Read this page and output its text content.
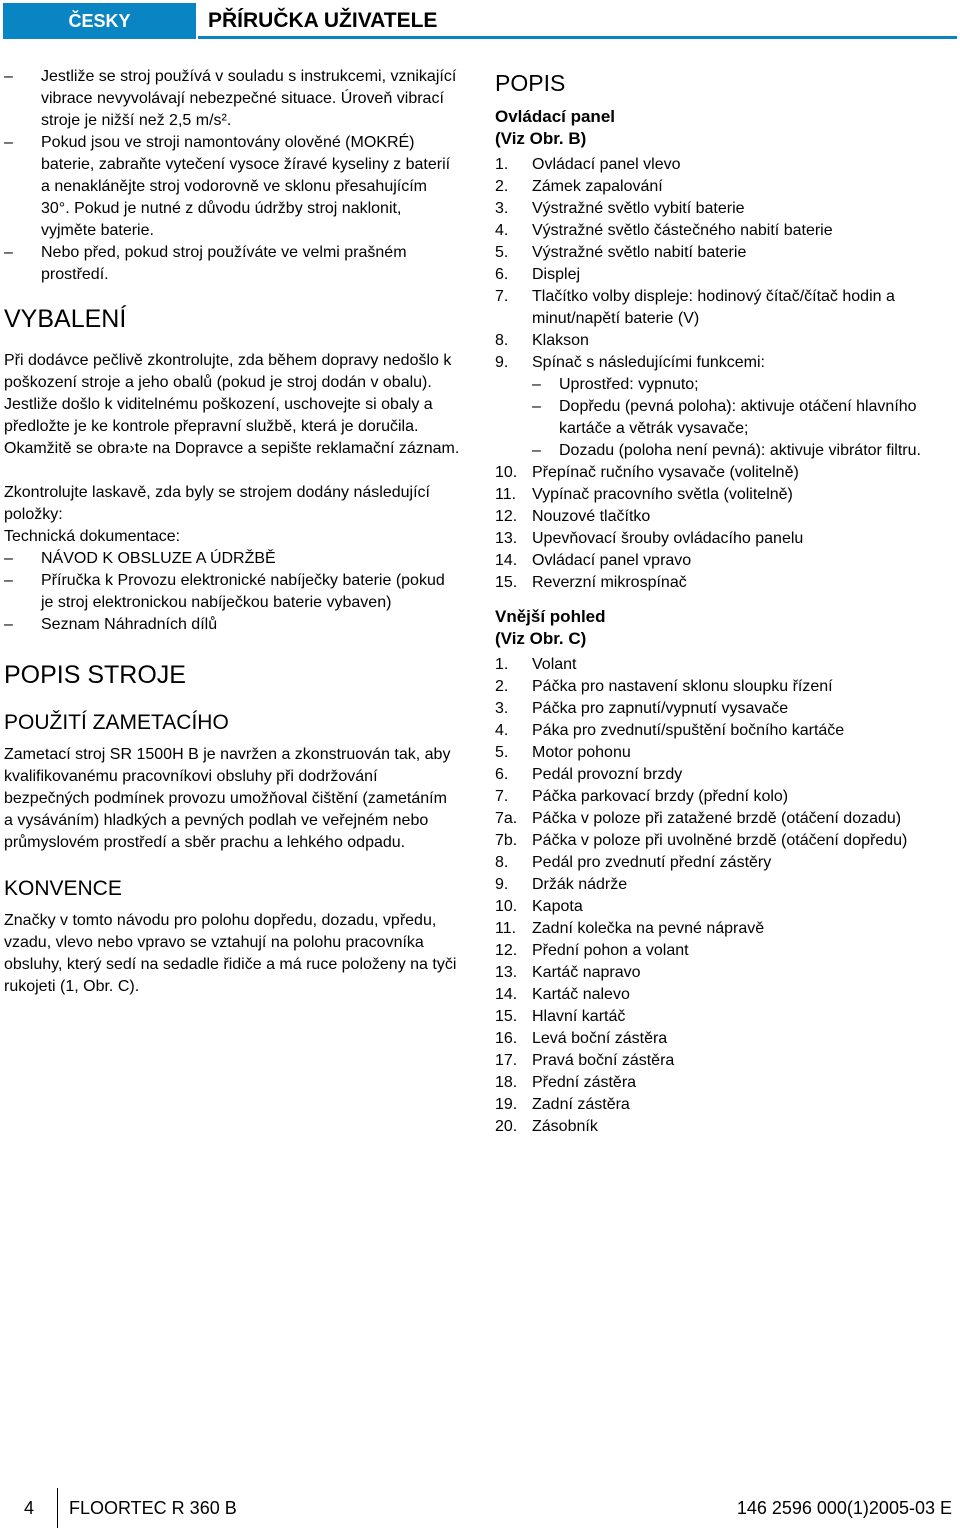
ČESKY	PŘÍRUČKA UŽIVATELE
– Jestliže se stroj používá v souladu s instrukcemi, vznikající vibrace nevyvolávají nebezpečné situace. Úroveň vibrací stroje je nižší než 2,5 m/s².
– Pokud jsou ve stroji namontovány olověné (MOKRÉ) baterie, zabraňte vytečení vysoce žíravé kyseliny z baterií a nenaklánějte stroj vodorovně ve sklonu přesahujícím 30°. Pokud je nutné z důvodu údržby stroj naklonit, vyjměte baterie.
– Nebo před, pokud stroj používáte ve velmi prašném prostředí.
VYBALENÍ

Při dodávce pečlivě zkontrolujte, zda během dopravy nedošlo k poškození stroje a jeho obalů (pokud je stroj dodán v obalu). Jestliže došlo k viditelnému poškození, uschovejte si obaly a předložte je ke kontrole přepravní službě, která je doručila. Okamžitě se obra›te na Dopravce a sepište reklamační záznam.

Zkontrolujte laskavě, zda byly se strojem dodány následující položky:

Technická dokumentace:
– NÁVOD K OBSLUZE A ÚDRŽBĚ
– Příručka k Provozu elektronické nabíječky baterie (pokud je stroj elektronickou nabíječkou baterie vybaven)
– Seznam Náhradních dílů
POPIS STROJE
POUŽITÍ ZAMETACÍHO

Zametací stroj SR 1500H B je navržen a zkonstruován tak, aby kvalifikovanému pracovníkovi obsluhy při dodržování bezpečných podmínek provozu umožňoval čištění (zametáním a vysáváním) hladkých a pevných podlah ve veřejném nebo průmyslovém prostředí a sběr prachu a lehkého odpadu.

KONVENCE

Značky v tomto návodu pro polohu dopředu, dozadu, vpředu, vzadu, vlevo nebo vpravo se vztahují na polohu pracovníka obsluhy, který sedí na sedadle řidiče a má ruce položeny na tyči rukojeti (1, Obr. C).

POPIS
Ovládací panel
(Viz Obr. B)
1. Ovládací panel vlevo
2. Zámek zapalování
3. Výstražné světlo vybití baterie
4. Výstražné světlo částečného nabití baterie
5. Výstražné světlo nabití baterie
6. Displej
7. Tlačítko volby displeje: hodinový čítač/čítač hodin a minut/napětí baterie (V)
8. Klakson
9. Spínač s následujícími funkcemi:
– Uprostřed: vypnuto;
– Dopředu (pevná poloha): aktivuje otáčení hlavního kartáče a větrák vysavače;
– Dozadu (poloha není pevná): aktivuje vibrátor filtru.
10. Přepínač ručního vysavače (volitelně)
11. Vypínač pracovního světla (volitelně)
12. Nouzové tlačítko
13. Upevňovací šrouby ovládacího panelu
14. Ovládací panel vpravo
15. Reverzní mikrospínač
Vnější pohled
(Viz Obr. C)
1. Volant
2. Páčka pro nastavení sklonu sloupku řízení
3. Páčka pro zapnutí/vypnutí vysavače
4. Páka pro zvednutí/spuštění bočního kartáče
5. Motor pohonu
6. Pedál provozní brzdy
7. Páčka parkovací brzdy (přední kolo)
7a. Páčka v poloze při zatažené brzdě (otáčení dozadu)
7b. Páčka v poloze při uvolněné brzdě (otáčení dopředu)
8. Pedál pro zvednutí přední zástěry
9. Držák nádrže
10. Kapota
11. Zadní kolečka na pevné nápravě
12. Přední pohon a volant
13. Kartáč napravo
14. Kartáč nalevo
15. Hlavní kartáč
16. Levá boční zástěra
17. Pravá boční zástěra
18. Přední zástěra
19. Zadní zástěra
20. Zásobník
4 FLOORTEC R 360 B	146 2596 000(1)2005-03 E
